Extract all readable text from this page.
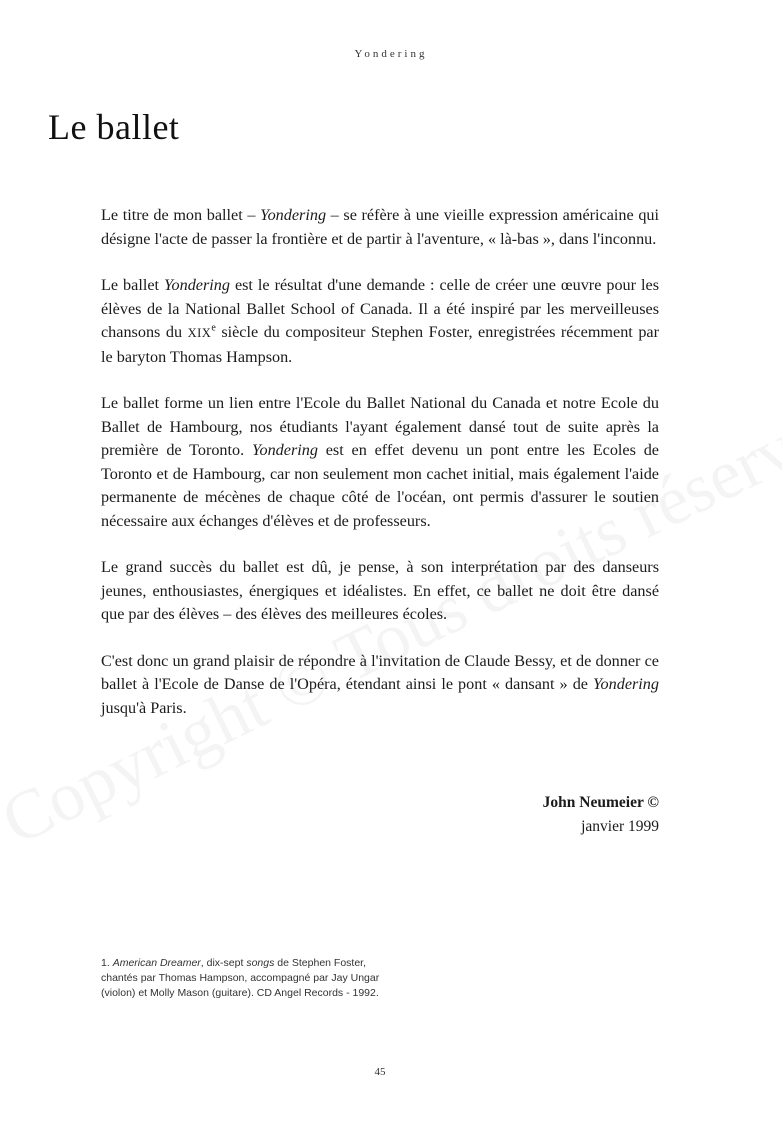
Yondering
Le ballet

Le titre de mon ballet – Yondering – se réfère à une vieille expression américaine qui désigne l'acte de passer la frontière et de partir à l'aventure, « là-bas », dans l'inconnu.

Le ballet Yondering est le résultat d'une demande : celle de créer une œuvre pour les élèves de la National Ballet School of Canada. Il a été inspiré par les merveilleuses chansons du XIXe siècle du compositeur Stephen Foster, enregistrées récemment par le baryton Thomas Hampson.

Le ballet forme un lien entre l'Ecole du Ballet National du Canada et notre Ecole du Ballet de Hambourg, nos étudiants l'ayant également dansé tout de suite après la première de Toronto. Yondering est en effet devenu un pont entre les Ecoles de Toronto et de Hambourg, car non seulement mon cachet initial, mais également l'aide permanente de mécènes de chaque côté de l'océan, ont permis d'assurer le soutien nécessaire aux échanges d'élèves et de professeurs.

Le grand succès du ballet est dû, je pense, à son interprétation par des danseurs jeunes, enthousiastes, énergiques et idéalistes. En effet, ce ballet ne doit être dansé que par des élèves – des élèves des meilleures écoles.

C'est donc un grand plaisir de répondre à l'invitation de Claude Bessy, et de donner ce ballet à l'Ecole de Danse de l'Opéra, étendant ainsi le pont « dansant » de Yondering jusqu'à Paris.

John Neumeier ©
janvier 1999
1. American Dreamer, dix-sept songs de Stephen Foster, chantés par Thomas Hampson, accompagné par Jay Ungar (violon) et Molly Mason (guitare). CD Angel Records - 1992.
45
